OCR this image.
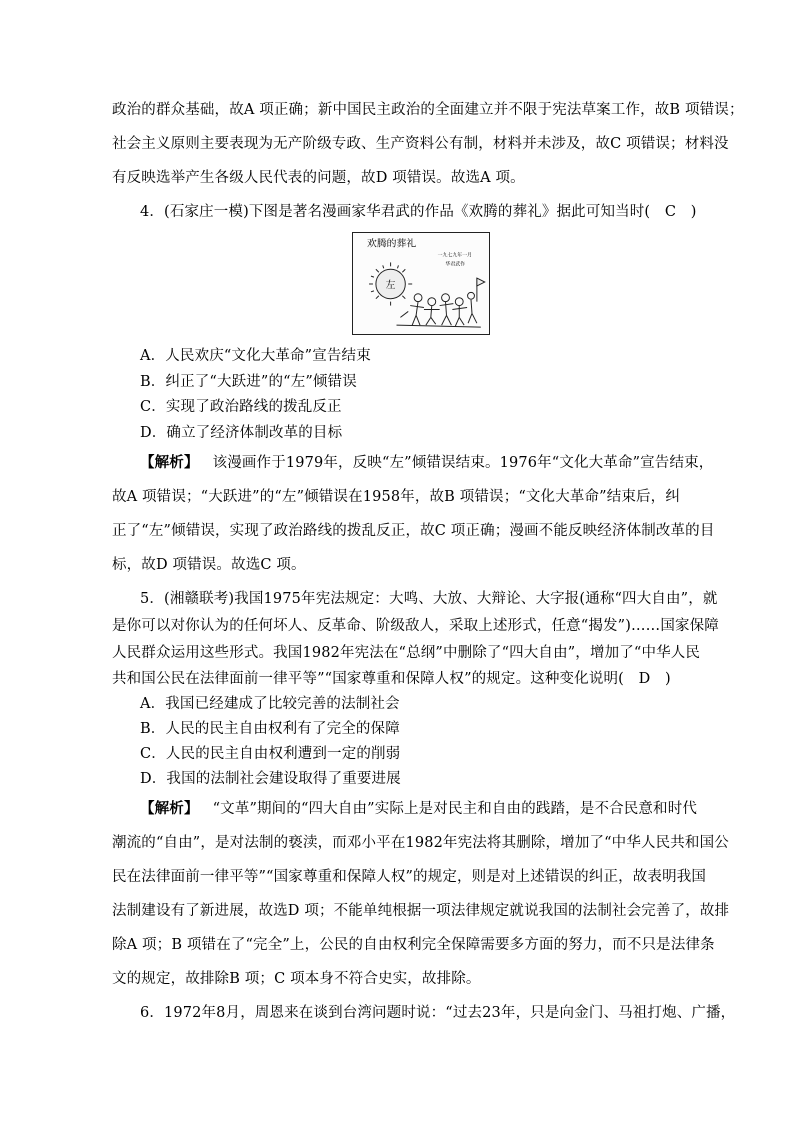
政治的群众基础，故A 项正确；新中国民主政治的全面建立并不限于宪法草案工作，故B 项错误；
社会主义原则主要表现为无产阶级专政、生产资料公有制，材料并未涉及，故C 项错误；材料没
有反映选举产生各级人民代表的问题，故D 项错误。故选A 项。
4．(石家庄一模)下图是著名漫画家华君武的作品《欢腾的葬礼》据此可知当时(　C　)
欢腾的葬礼
一九七九年一月
华君武作
左
A．人民欢庆“文化大革命”宣告结束
B．纠正了“大跃进”的“左”倾错误
C．实现了政治路线的拨乱反正
D．确立了经济体制改革的目标
【解析】 该漫画作于1979年，反映“左”倾错误结束。1976年“文化大革命”宣告结束，
故A 项错误；“大跃进”的“左”倾错误在1958年，故B 项错误；“文化大革命”结束后，纠
正了“左”倾错误，实现了政治路线的拨乱反正，故C 项正确；漫画不能反映经济体制改革的目
标，故D 项错误。故选C 项。
5．(湘赣联考)我国1975年宪法规定：大鸣、大放、大辩论、大字报(通称“四大自由”，就
是你可以对你认为的任何坏人、反革命、阶级敌人，采取上述形式，任意“揭发”)……国家保障
人民群众运用这些形式。我国1982年宪法在“总纲”中删除了“四大自由”，增加了“中华人民
共和国公民在法律面前一律平等”“国家尊重和保障人权”的规定。这种变化说明(　D　)
A．我国已经建成了比较完善的法制社会
B．人民的民主自由权利有了完全的保障
C．人民的民主自由权利遭到一定的削弱
D．我国的法制社会建设取得了重要进展
【解析】 “文革”期间的“四大自由”实际上是对民主和自由的践踏，是不合民意和时代
潮流的“自由”，是对法制的亵渎，而邓小平在1982年宪法将其删除，增加了“中华人民共和国公
民在法律面前一律平等”“国家尊重和保障人权”的规定，则是对上述错误的纠正，故表明我国
法制建设有了新进展，故选D 项；不能单纯根据一项法律规定就说我国的法制社会完善了，故排
除A 项；B 项错在了“完全”上，公民的自由权利完全保障需要多方面的努力，而不只是法律条
文的规定，故排除B 项；C 项本身不符合史实，故排除。
6．1972年8月，周恩来在谈到台湾问题时说：“过去23年，只是向金门、马祖打炮、广播，
